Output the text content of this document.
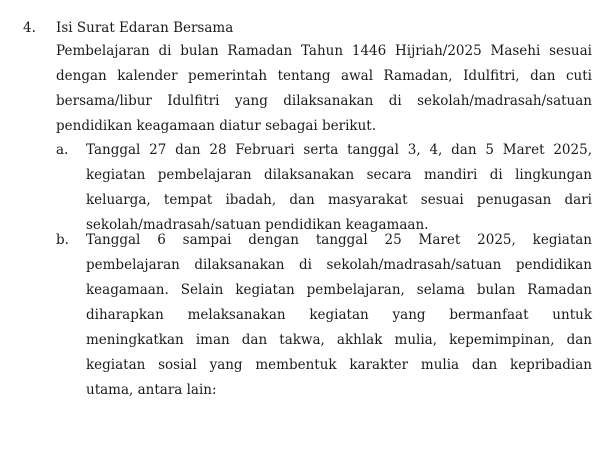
4. Isi Surat Edaran Bersama
Pembelajaran di bulan Ramadan Tahun 1446 Hijriah/2025 Masehi sesuai
dengan kalender pemerintah tentang awal Ramadan, Idulfitri, dan cuti
bersama/libur Idulfitri yang dilaksanakan di sekolah/madrasah/satuan
pendidikan keagamaan diatur sebagai berikut.
a. Tanggal 27 dan 28 Februari serta tanggal 3, 4, dan 5 Maret 2025,
kegiatan pembelajaran dilaksanakan secara mandiri di lingkungan
keluarga, tempat ibadah, dan masyarakat sesuai penugasan dari
sekolah/madrasah/satuan pendidikan keagamaan.
b. Tanggal 6 sampai dengan tanggal 25 Maret 2025, kegiatan
pembelajaran dilaksanakan di sekolah/madrasah/satuan pendidikan
keagamaan. Selain kegiatan pembelajaran, selama bulan Ramadan
diharapkan melaksanakan kegiatan yang bermanfaat untuk
meningkatkan iman dan takwa, akhlak mulia, kepemimpinan, dan
kegiatan sosial yang membentuk karakter mulia dan kepribadian
utama, antara lain:
